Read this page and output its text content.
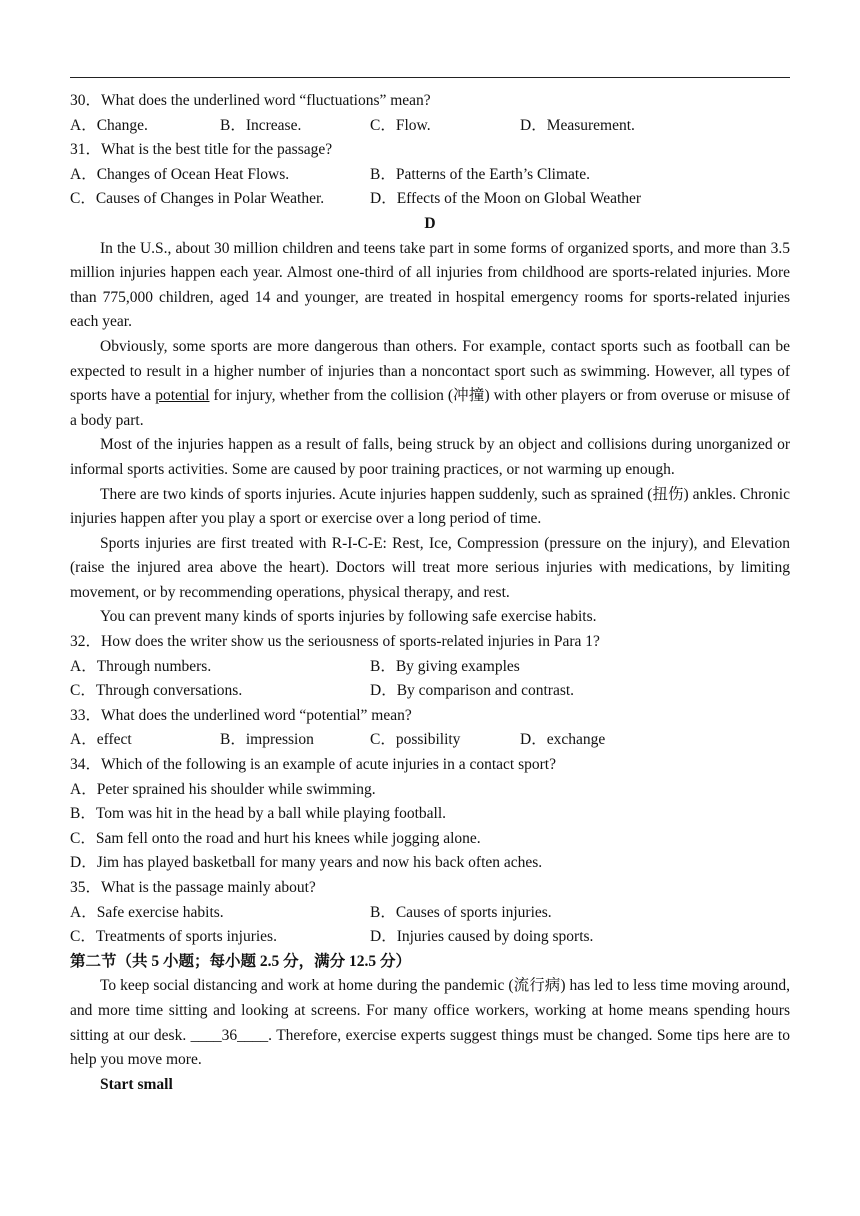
30．What does the underlined word “fluctuations” mean?
A．Change.	B．Increase.	C．Flow.	D．Measurement.
31．What is the best title for the passage?
A．Changes of Ocean Heat Flows.	B．Patterns of the Earth’s Climate.
C．Causes of Changes in Polar Weather.	D．Effects of the Moon on Global Weather
D
In the U.S., about 30 million children and teens take part in some forms of organized sports, and more than 3.5 million injuries happen each year. Almost one-third of all injuries from childhood are sports-related injuries. More than 775,000 children, aged 14 and younger, are treated in hospital emergency rooms for sports-related injuries each year.
Obviously, some sports are more dangerous than others. For example, contact sports such as football can be expected to result in a higher number of injuries than a noncontact sport such as swimming. However, all types of sports have a potential for injury, whether from the collision (冲撞) with other players or from overuse or misuse of a body part.
Most of the injuries happen as a result of falls, being struck by an object and collisions during unorganized or informal sports activities. Some are caused by poor training practices, or not warming up enough.
There are two kinds of sports injuries. Acute injuries happen suddenly, such as sprained (扭伤) ankles. Chronic injuries happen after you play a sport or exercise over a long period of time.
Sports injuries are first treated with R-I-C-E: Rest, Ice, Compression (pressure on the injury), and Elevation (raise the injured area above the heart). Doctors will treat more serious injuries with medications, by limiting movement, or by recommending operations, physical therapy, and rest.
You can prevent many kinds of sports injuries by following safe exercise habits.
32．How does the writer show us the seriousness of sports-related injuries in Para 1?
A．Through numbers.	B．By giving examples
C．Through conversations.	D．By comparison and contrast.
33．What does the underlined word “potential” mean?
A．effect	B．impression	C．possibility	D．exchange
34．Which of the following is an example of acute injuries in a contact sport?
A．Peter sprained his shoulder while swimming.
B．Tom was hit in the head by a ball while playing football.
C．Sam fell onto the road and hurt his knees while jogging alone.
D．Jim has played basketball for many years and now his back often aches.
35．What is the passage mainly about?
A．Safe exercise habits.	B．Causes of sports injuries.
C．Treatments of sports injuries.	D．Injuries caused by doing sports.
第二节（共 5 小题；每小题 2.5 分，满分 12.5 分）
To keep social distancing and work at home during the pandemic (流行病) has led to less time moving around, and more time sitting and looking at screens. For many office workers, working at home means spending hours sitting at our desk. ____36____. Therefore, exercise experts suggest things must be changed. Some tips here are to help you move more.
Start small
